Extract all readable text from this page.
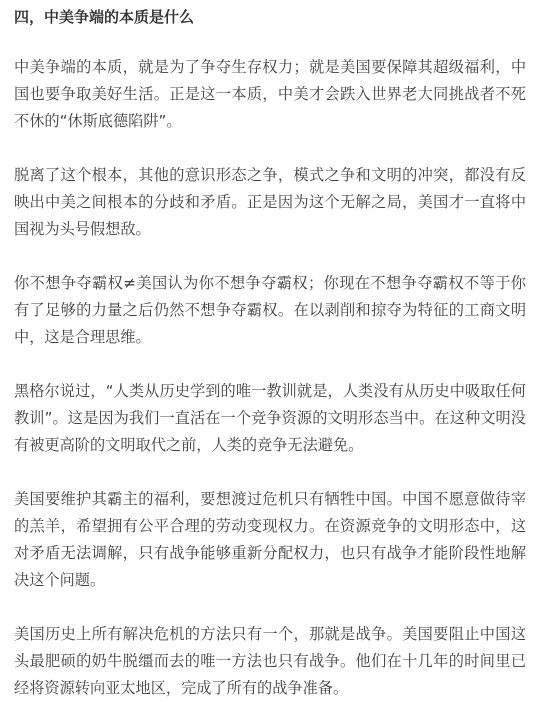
四，中美争端的本质是什么

中美争端的本质，就是为了争夺生存权力；就是美国要保障其超级福利，中国也要争取美好生活。正是这一本质，中美才会跌入世界老大同挑战者不死不休的“休斯底德陷阱”。

脱离了这个根本，其他的意识形态之争，模式之争和文明的冲突，都没有反映出中美之间根本的分歧和矛盾。正是因为这个无解之局，美国才一直将中国视为头号假想敌。

你不想争夺霸权≠美国认为你不想争夺霸权；你现在不想争夺霸权不等于你有了足够的力量之后仍然不想争夺霸权。在以剥削和掠夺为特征的工商文明中，这是合理思维。

黑格尔说过，“人类从历史学到的唯一教训就是，人类没有从历史中吸取任何教训”。这是因为我们一直活在一个竞争资源的文明形态当中。在这种文明没有被更高阶的文明取代之前，人类的竞争无法避免。

美国要维护其霸主的福利，要想渡过危机只有牺牲中国。中国不愿意做待宰的羔羊，希望拥有公平合理的劳动变现权力。在资源竞争的文明形态中，这对矛盾无法调解，只有战争能够重新分配权力，也只有战争才能阶段性地解决这个问题。

美国历史上所有解决危机的方法只有一个，那就是战争。美国要阻止中国这头最肥硕的奶牛脱缰而去的唯一方法也只有战争。他们在十几年的时间里已经将资源转向亚太地区，完成了所有的战争准备。
